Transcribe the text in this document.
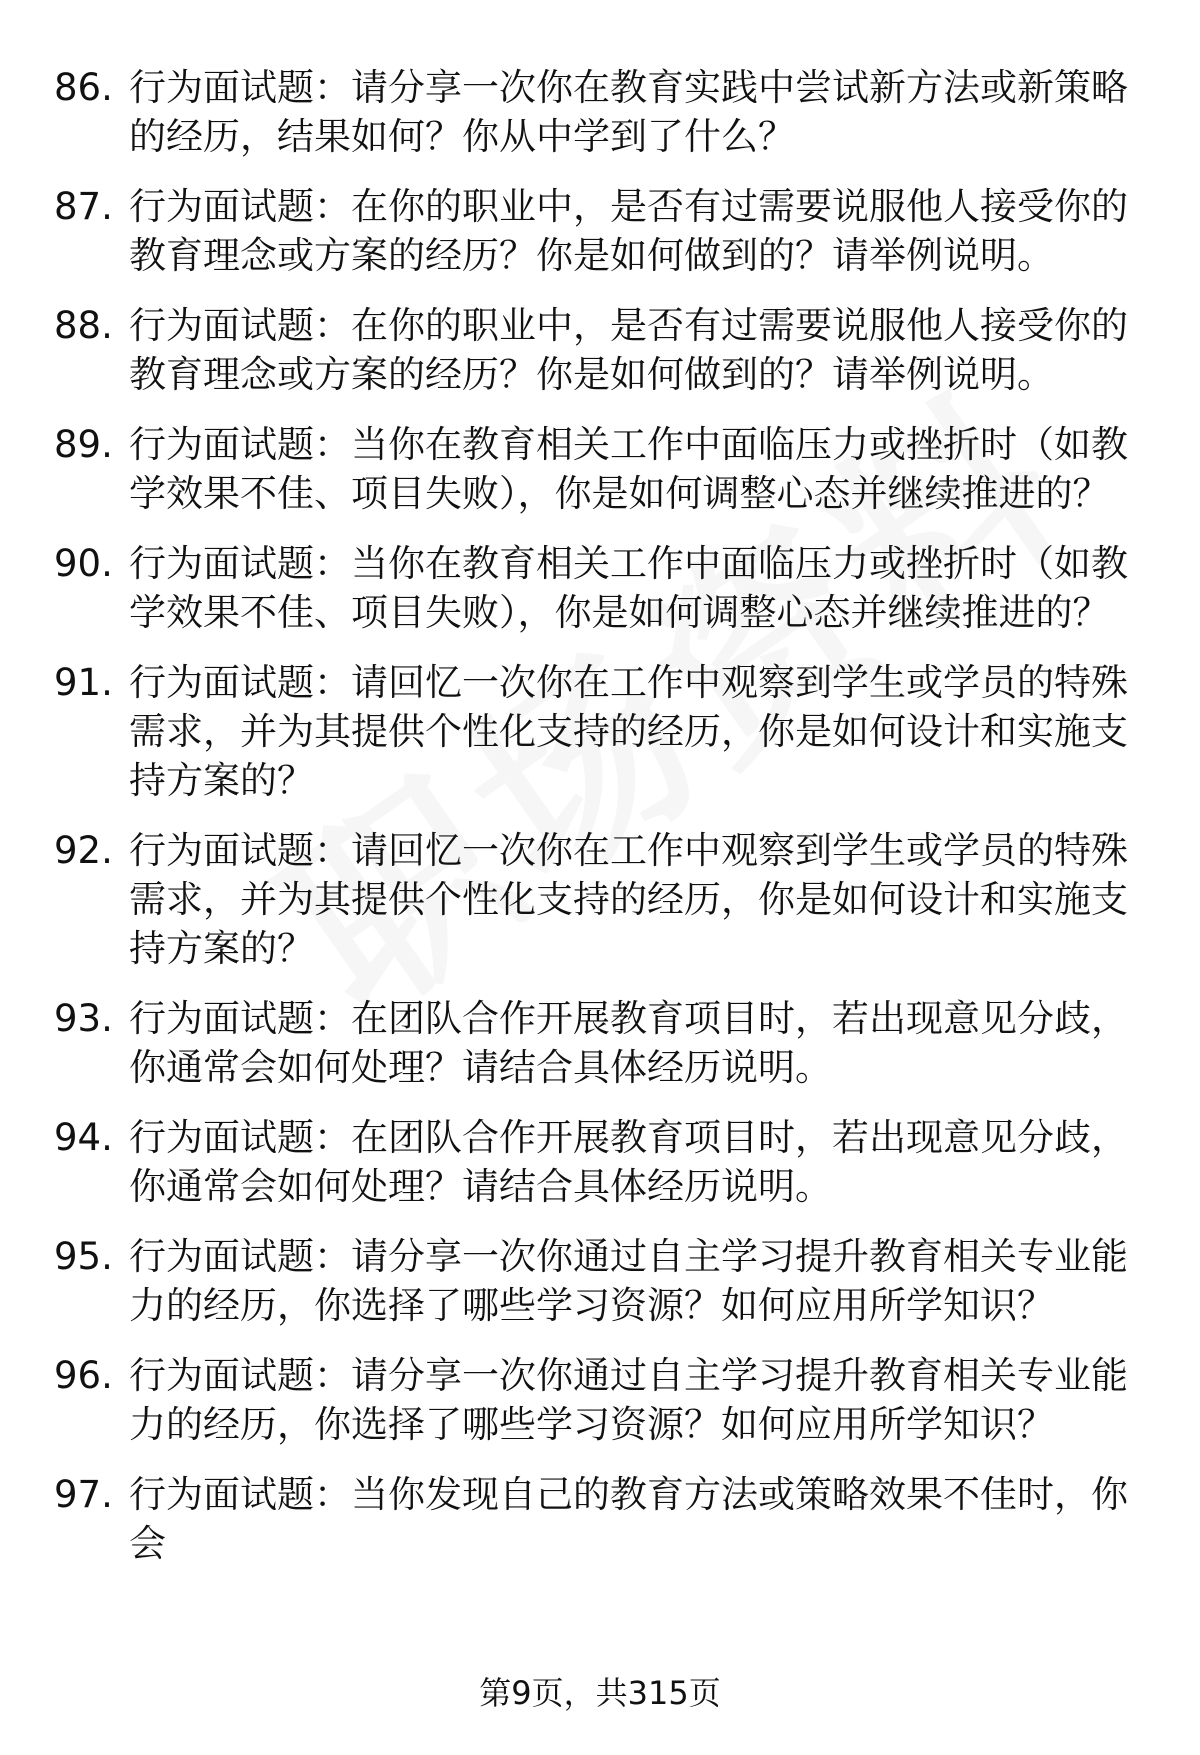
86. 行为面试题：请分享一次你在教育实践中尝试新方法或新策略的经历，结果如何？你从中学到了什么？
87. 行为面试题：在你的职业中，是否有过需要说服他人接受你的教育理念或方案的经历？你是如何做到的？请举例说明。
88. 行为面试题：在你的职业中，是否有过需要说服他人接受你的教育理念或方案的经历？你是如何做到的？请举例说明。
89. 行为面试题：当你在教育相关工作中面临压力或挫折时（如教学效果不佳、项目失败），你是如何调整心态并继续推进的？
90. 行为面试题：当你在教育相关工作中面临压力或挫折时（如教学效果不佳、项目失败），你是如何调整心态并继续推进的？
91. 行为面试题：请回忆一次你在工作中观察到学生或学员的特殊需求，并为其提供个性化支持的经历，你是如何设计和实施支持方案的？
92. 行为面试题：请回忆一次你在工作中观察到学生或学员的特殊需求，并为其提供个性化支持的经历，你是如何设计和实施支持方案的？
93. 行为面试题：在团队合作开展教育项目时，若出现意见分歧，你通常会如何处理？请结合具体经历说明。
94. 行为面试题：在团队合作开展教育项目时，若出现意见分歧，你通常会如何处理？请结合具体经历说明。
95. 行为面试题：请分享一次你通过自主学习提升教育相关专业能力的经历，你选择了哪些学习资源？如何应用所学知识？
96. 行为面试题：请分享一次你通过自主学习提升教育相关专业能力的经历，你选择了哪些学习资源？如何应用所学知识？
97. 行为面试题：当你发现自己的教育方法或策略效果不佳时，你会
第9页，共315页
